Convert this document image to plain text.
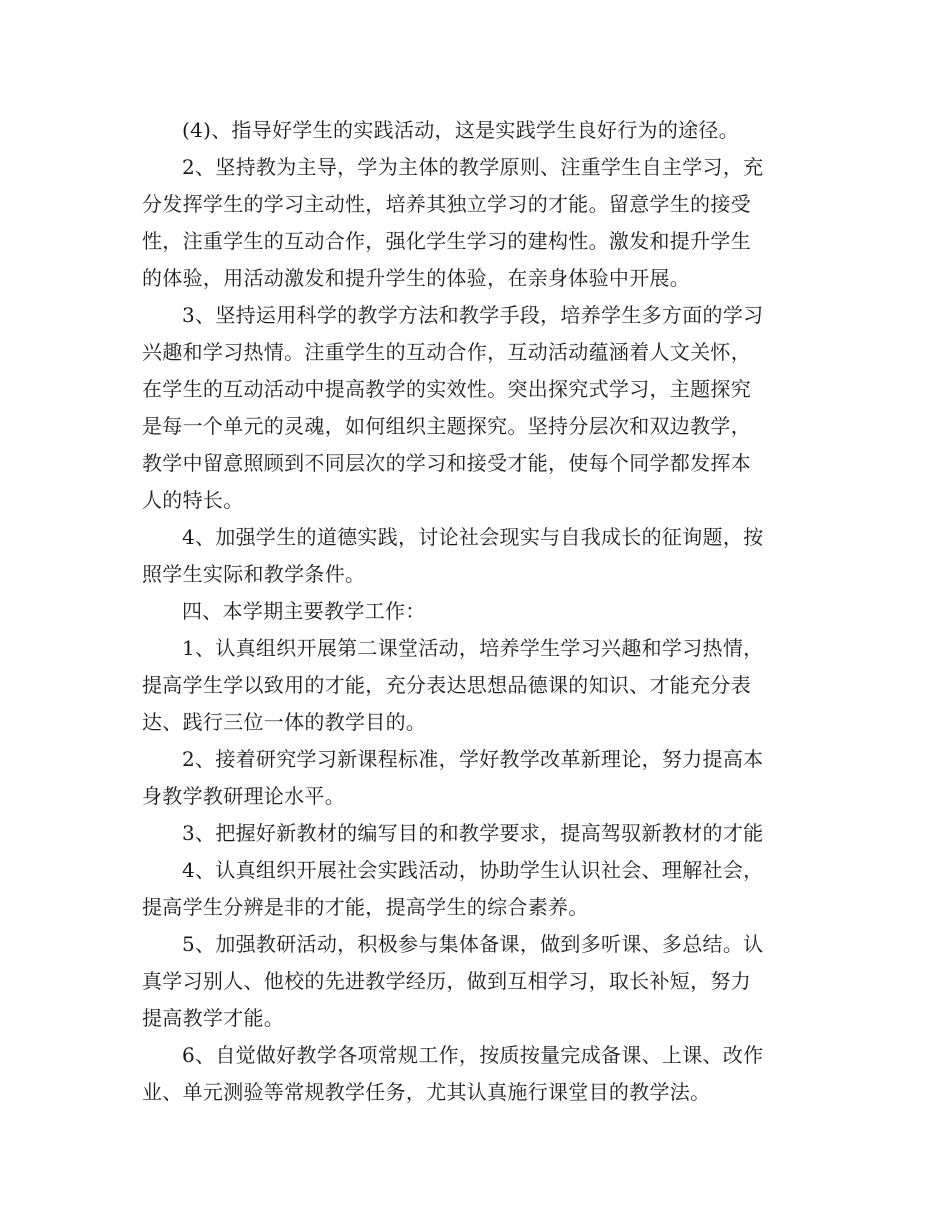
(4)、指导好学生的实践活动，这是实践学生良好行为的途径。
2、坚持教为主导，学为主体的教学原则、注重学生自主学习，充
分发挥学生的学习主动性，培养其独立学习的才能。留意学生的接受
性，注重学生的互动合作，强化学生学习的建构性。激发和提升学生
的体验，用活动激发和提升学生的体验，在亲身体验中开展。
3、坚持运用科学的教学方法和教学手段，培养学生多方面的学习
兴趣和学习热情。注重学生的互动合作，互动活动蕴涵着人文关怀，
在学生的互动活动中提高教学的实效性。突出探究式学习，主题探究
是每一个单元的灵魂，如何组织主题探究。坚持分层次和双边教学，
教学中留意照顾到不同层次的学习和接受才能，使每个同学都发挥本
人的特长。
4、加强学生的道德实践，讨论社会现实与自我成长的征询题，按
照学生实际和教学条件。
四、本学期主要教学工作：
1、认真组织开展第二课堂活动，培养学生学习兴趣和学习热情，
提高学生学以致用的才能，充分表达思想品德课的知识、才能充分表
达、践行三位一体的教学目的。
2、接着研究学习新课程标准，学好教学改革新理论，努力提高本
身教学教研理论水平。
3、把握好新教材的编写目的和教学要求，提高驾驭新教材的才能
4、认真组织开展社会实践活动，协助学生认识社会、理解社会，
提高学生分辨是非的才能，提高学生的综合素养。
5、加强教研活动，积极参与集体备课，做到多听课、多总结。认
真学习别人、他校的先进教学经历，做到互相学习，取长补短，努力
提高教学才能。
6、自觉做好教学各项常规工作，按质按量完成备课、上课、改作
业、单元测验等常规教学任务，尤其认真施行课堂目的教学法。
